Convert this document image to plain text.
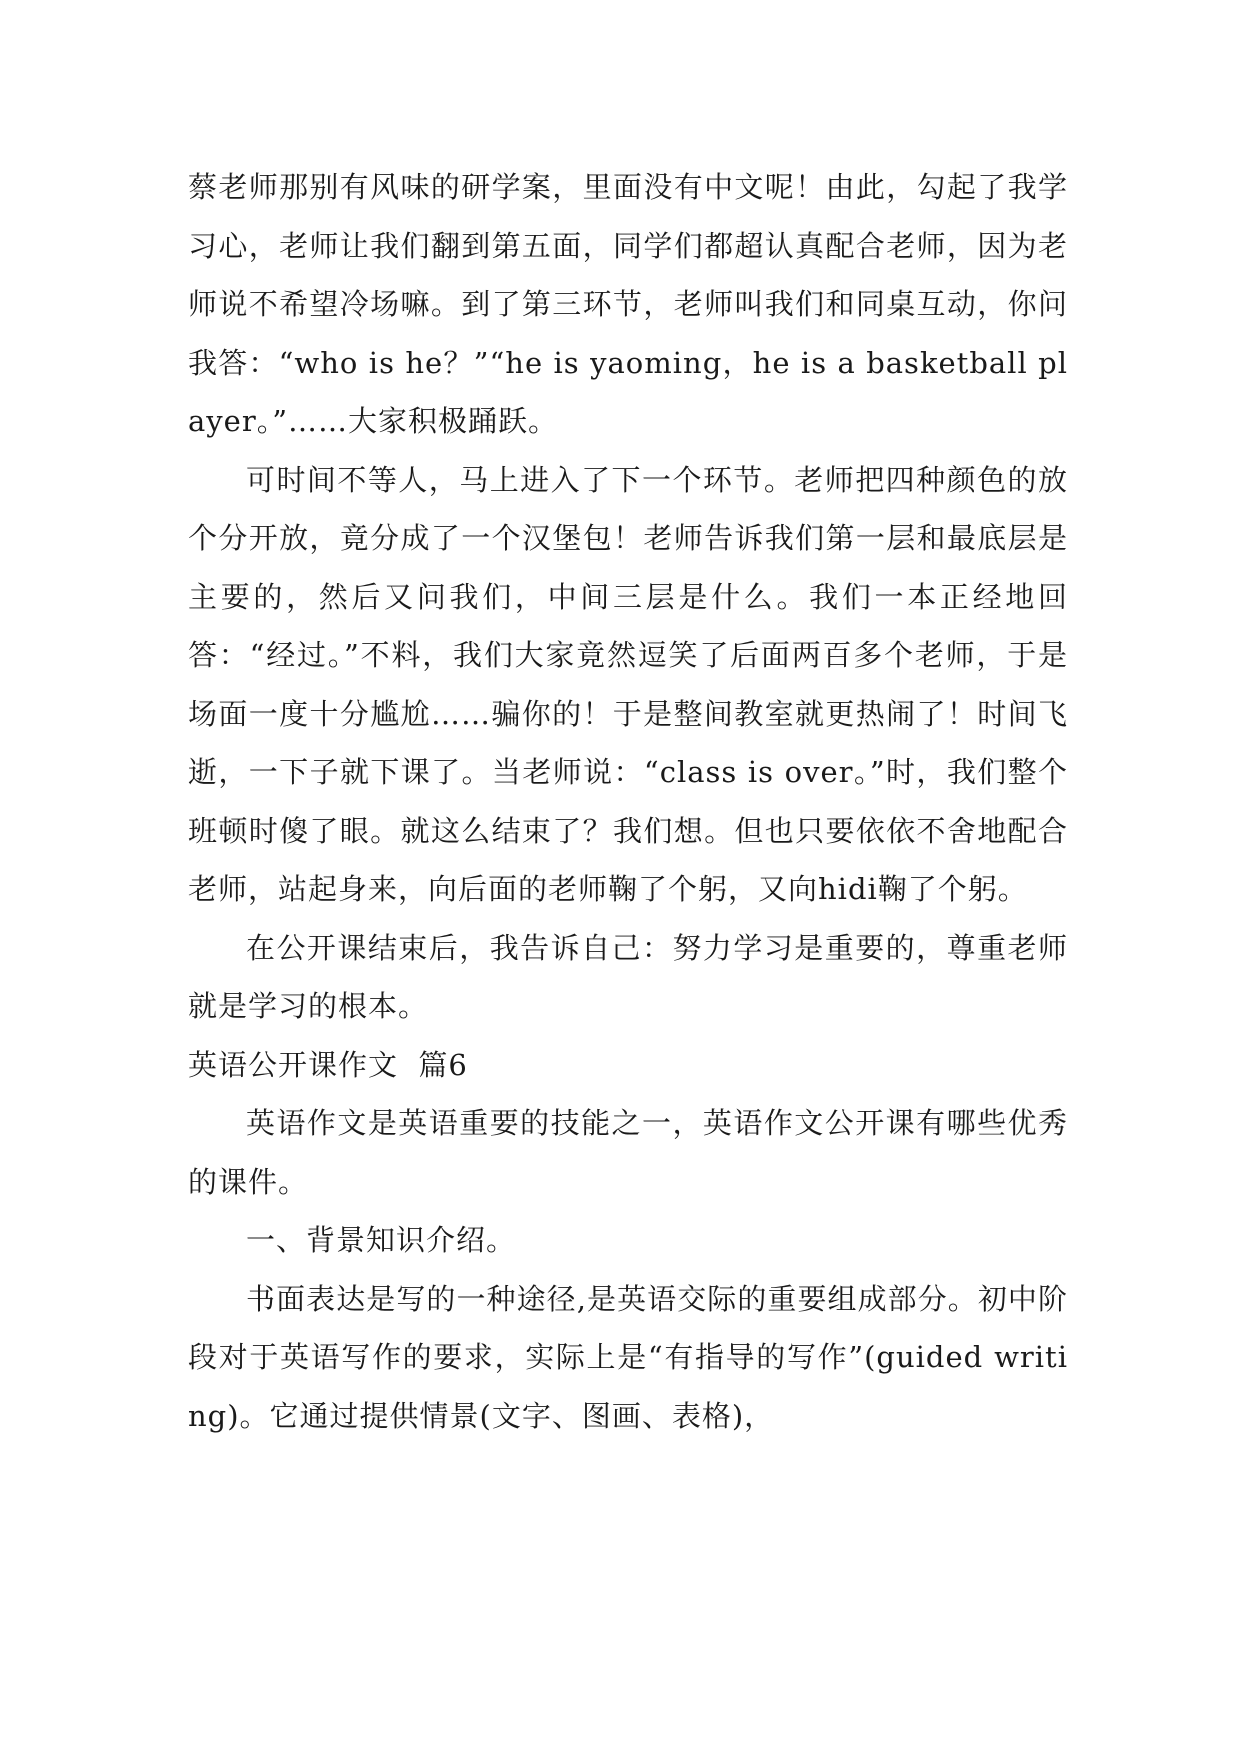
蔡老师那别有风味的研学案，里面没有中文呢！由此，勾起了我学习心，老师让我们翻到第五面，同学们都超认真配合老师，因为老师说不希望冷场嘛。到了第三环节，老师叫我们和同桌互动，你问我答：“who is he？”“he is yaoming，he is a basketball player。”……大家积极踊跃。

可时间不等人，马上进入了下一个环节。老师把四种颜色的放个分开放，竟分成了一个汉堡包！老师告诉我们第一层和最底层是主要的，然后又问我们，中间三层是什么。我们一本正经地回答：“经过。”不料，我们大家竟然逗笑了后面两百多个老师，于是场面一度十分尴尬……骗你的！于是整间教室就更热闹了！时间飞逝，一下子就下课了。当老师说：“class is over。”时，我们整个班顿时傻了眼。就这么结束了？我们想。但也只要依依不舍地配合老师，站起身来，向后面的老师鞠了个躬，又向hidi鞠了个躬。

在公开课结束后，我告诉自己：努力学习是重要的，尊重老师就是学习的根本。

英语公开课作文  篇6

英语作文是英语重要的技能之一，英语作文公开课有哪些优秀的课件。

一、背景知识介绍。

书面表达是写的一种途径,是英语交际的重要组成部分。初中阶段对于英语写作的要求，实际上是“有指导的写作”(guided writing)。它通过提供情景(文字、图画、表格)，
